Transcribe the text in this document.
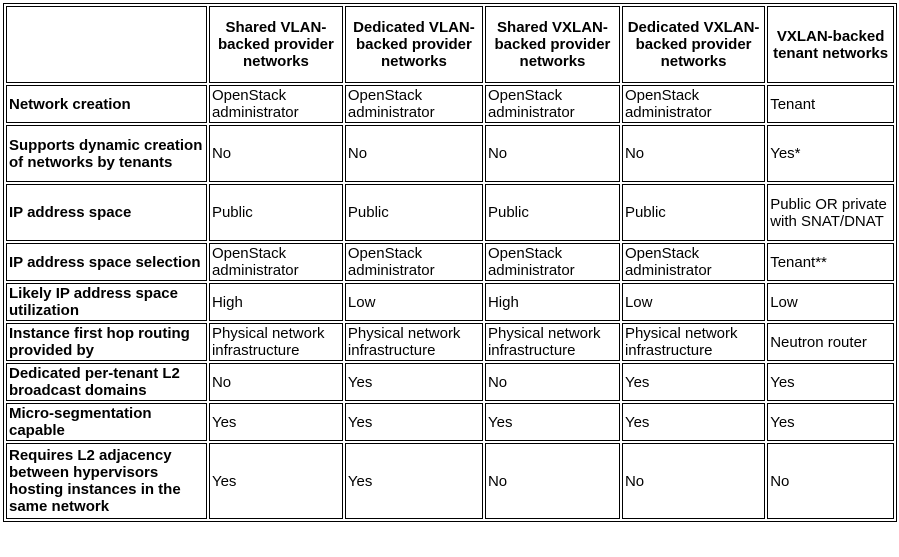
	Shared VLAN-backed provider networks	Dedicated VLAN-backed provider networks	Shared VXLAN-backed provider networks	Dedicated VXLAN-backed provider networks	VXLAN-backed tenant networks
Network creation	OpenStack administrator	OpenStack administrator	OpenStack administrator	OpenStack administrator	Tenant
Supports dynamic creation of networks by tenants	No	No	No	No	Yes*
IP address space	Public	Public	Public	Public	Public OR private with SNAT/DNAT
IP address space selection	OpenStack administrator	OpenStack administrator	OpenStack administrator	OpenStack administrator	Tenant**
Likely IP address space utilization	High	Low	High	Low	Low
Instance first hop routing provided by	Physical network infrastructure	Physical network infrastructure	Physical network infrastructure	Physical network infrastructure	Neutron router
Dedicated per-tenant L2 broadcast domains	No	Yes	No	Yes	Yes
Micro-segmentation capable	Yes	Yes	Yes	Yes	Yes
Requires L2 adjacency between hypervisors hosting instances in the same network	Yes	Yes	No	No	No
